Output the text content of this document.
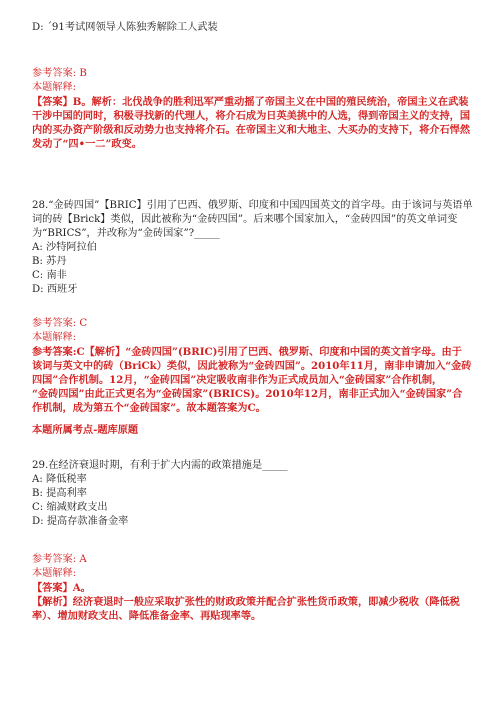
D: ´91考试网领导人陈独秀解除工人武装
参考答案: B
本题解释:
【答案】B。解析：北伐战争的胜利迅军严重动摇了帝国主义在中国的殖民统治，帝国主义在武装
干涉中国的同时，积极寻找新的代理人，将介石成为日英美挑中的人选，得到帝国主义的支持，国
内的买办资产阶级和反动势力也支持将介石。在帝国主义和大地主、大买办的支持下，将介石悍然
发动了“四•一二”政变。
28.“金砖四国”【BRIC】引用了巴西、俄罗斯、印度和中国四国英文的首字母。由于该词与英语单
词的砖【Brick】类似，因此被称为“金砖四国”。后来哪个国家加入，“金砖四国”的英文单词变
为“BRICS”，并改称为“金砖国家”?_____
A: 沙特阿拉伯
B: 苏丹
C: 南非
D: 西班牙
参考答案: C
本题解释:
参考答案:C【解析】“金砖四国”(BRIC)引用了巴西、俄罗斯、印度和中国的英文首字母。由于
该词与英文中的砖（BriCk）类似，因此被称为“金砖四国”。2010年11月，南非申请加入“金砖
四国”合作机制。12月，“金砖四国”决定吸收南非作为正式成员加入“金砖国家”合作机制，
“金砖四国”由此正式更名为“金砖国家”(BRICS)。2010年12月，南非正式加入“金砖国家”合
作机制，成为第五个“金砖国家”。故本题答案为C。
本题所属考点-题库原题
29.在经济衰退时期，有利于扩大内需的政策措施是_____
A: 降低税率
B: 提高利率
C: 缩减财政支出
D: 提高存款准备金率
参考答案: A
本题解释:
【答案】A。
【解析】经济衰退时一般应采取扩张性的财政政策并配合扩张性货币政策，即减少税收（降低税
率）、增加财政支出、降低准备金率、再贴现率等。
